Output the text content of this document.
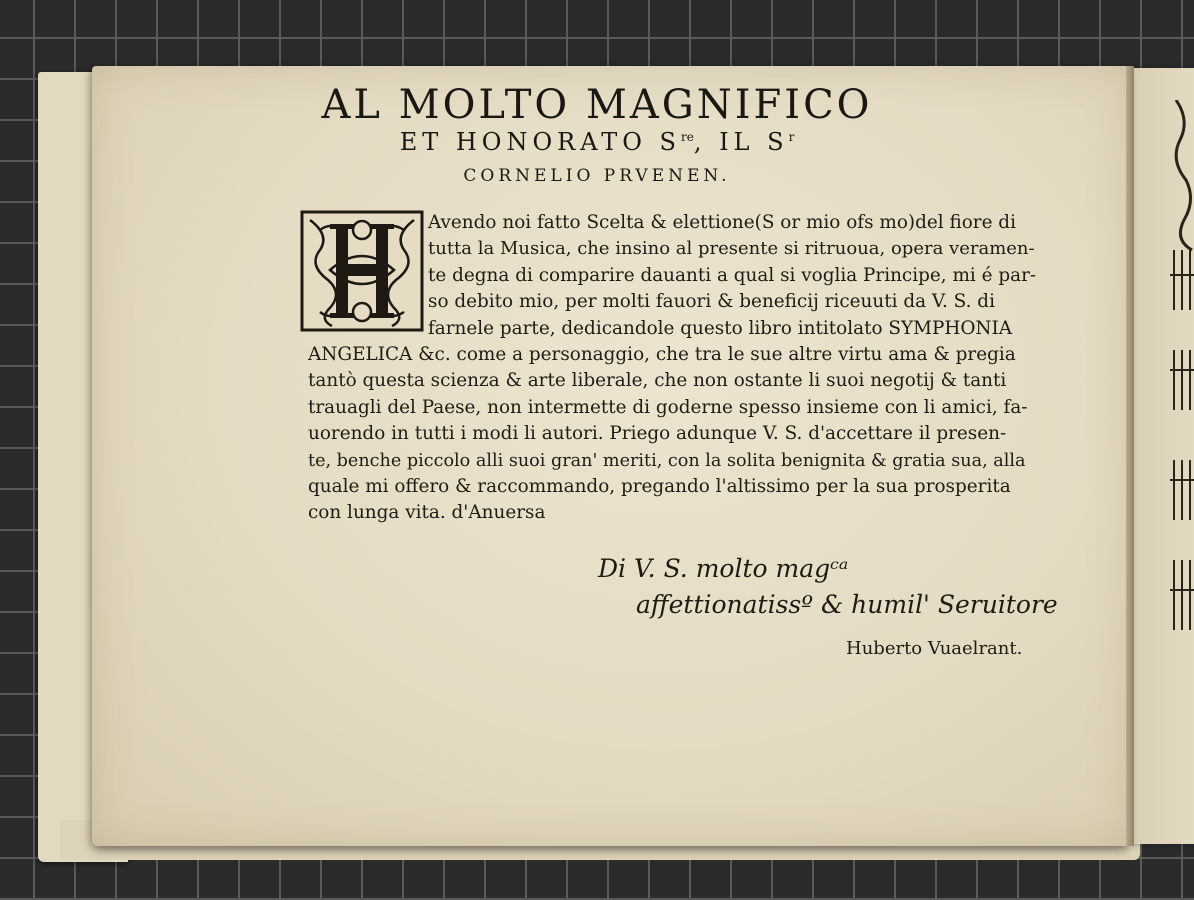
AL MOLTO MAGNIFICO
ET HONORATO $S^{re}$, IL $S^r$
CORNELIO PRVENEN.
Avendo noi fatto Scelta & elettione(S or mio ofs mo)del fiore di
tutta la Musica, che insino al presente si ritruoua, opera veramen-
te degna di comparire dauanti a qual si voglia Principe, mi é par-
so debito mio, per molti fauori & beneficij riceuuti da V. S. di
farnele parte, dedicandole questo libro intitolato SYMPHONIA
ANGELICA &c. come a personaggio, che tra le sue altre virtu ama & pregia
tantò questa scienza & arte liberale, che non ostante li suoi negotij & tanti
trauagli del Paese, non intermette di goderne spesso insieme con li amici, fa-
uorendo in tutti i modi li autori. Priego adunque V. S. d'accettare il presen-
te, benche piccolo alli suoi gran' meriti, con la solita benignita & gratia sua, alla
quale mi offero & raccommando, pregando l'altissimo per la sua prosperita
con lunga vita. d'Anuersa
Di V. S. molto magᶜᵃ
affettionatissº & humil' Seruitore
Huberto Vuaelrant.
